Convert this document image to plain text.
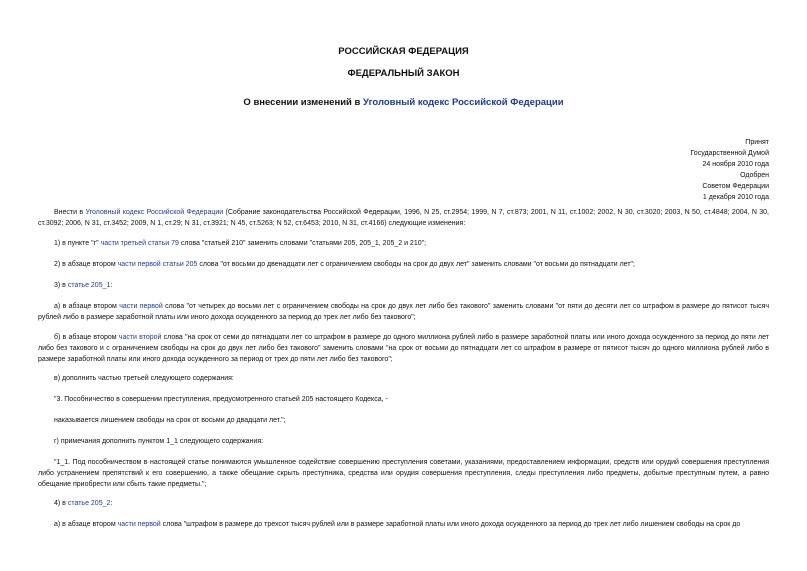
РОССИЙСКАЯ ФЕДЕРАЦИЯ
ФЕДЕРАЛЬНЫЙ ЗАКОН
О внесении изменений в Уголовный кодекс Российской Федерации
Принят
Государственной Думой
24 ноября 2010 года
Одобрен
Советом Федерации
1 декабря 2010 года
Внести в Уголовный кодекс Российской Федерации (Собрание законодательства Российской Федерации, 1996, N 25, ст.2954; 1999, N 7, ст.873; 2001, N 11, ст.1002; 2002, N 30, ст.3020; 2003, N 50, ст.4848; 2004, N 30, ст.3092; 2006, N 31, ст.3452; 2009, N 1, ст.29; N 31, ст.3921; N 45, ст.5263; N 52, ст.6453; 2010, N 31, ст.4166) следующие изменения:
1) в пункте "г" части третьей статьи 79 слова "статьей 210" заменить словами "статьями 205, 205_1, 205_2 и 210";
2) в абзаце втором части первой статьи 205 слова "от восьми до двенадцати лет с ограничением свободы на срок до двух лет" заменить словами "от восьми до пятнадцати лет";
3) в статье 205_1:
а) в абзаце втором части первой слова "от четырех до восьми лет с ограничением свободы на срок до двух лет либо без такового" заменить словами "от пяти до десяти лет со штрафом в размере до пятисот тысяч рублей либо в размере заработной платы или иного дохода осужденного за период до трех лет либо без такового";
б) в абзаце втором части второй слова "на срок от семи до пятнадцати лет со штрафом в размере до одного миллиона рублей либо в размере заработной платы или иного дохода осужденного за период до пяти лет либо без такового и с ограничением свободы на срок до двух лет либо без такового" заменить словами "на срок от восьми до пятнадцати лет со штрафом в размере от пятисот тысяч до одного миллиона рублей либо в размере заработной платы или иного дохода осужденного за период от трех до пяти лет либо без такового";
в) дополнить частью третьей следующего содержания:
"3. Пособничество в совершении преступления, предусмотренного статьей 205 настоящего Кодекса, -
наказывается лишением свободы на срок от восьми до двадцати лет.";
г) примечания дополнить пунктом 1_1 следующего содержания:
"1_1. Под пособничеством в настоящей статье понимаются умышленное содействие совершению преступления советами, указаниями, предоставлением информации, средств или орудий совершения преступления либо устранением препятствий к его совершению, а также обещание скрыть преступника, средства или орудия совершения преступления, следы преступления либо предметы, добытые преступным путем, а равно обещание приобрести или сбыть такие предметы.";
4) в статье 205_2:
а) в абзаце втором части первой слова "штрафом в размере до трехсот тысяч рублей или в размере заработной платы или иного дохода осужденного за период до трех лет либо лишением свободы на срок до
